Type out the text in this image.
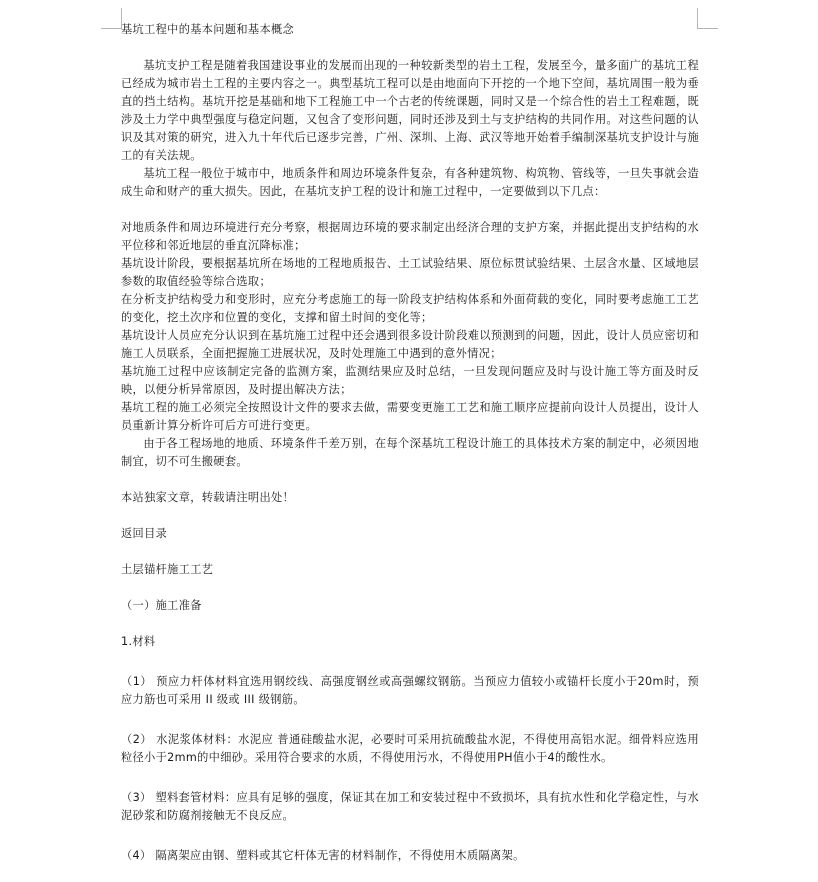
基坑工程中的基本问题和基本概念

基坑支护工程是随着我国建设事业的发展而出现的一种较新类型的岩土工程，发展至今，量多面广的基坑工程已经成为城市岩土工程的主要内容之一。典型基坑工程可以是由地面向下开挖的一个地下空间，基坑周围一般为垂直的挡土结构。基坑开挖是基础和地下工程施工中一个古老的传统课题，同时又是一个综合性的岩土工程难题，既涉及土力学中典型强度与稳定问题，又包含了变形问题，同时还涉及到土与支护结构的共同作用。对这些问题的认识及其对策的研究，进入九十年代后已逐步完善，广州、深圳、上海、武汉等地开始着手编制深基坑支护设计与施工的有关法规。

基坑工程一般位于城市中，地质条件和周边环境条件复杂，有各种建筑物、构筑物、管线等，一旦失事就会造成生命和财产的重大损失。因此，在基坑支护工程的设计和施工过程中，一定要做到以下几点：

对地质条件和周边环境进行充分考察，根据周边环境的要求制定出经济合理的支护方案，并据此提出支护结构的水平位移和邻近地层的垂直沉降标准；

基坑设计阶段，要根据基坑所在场地的工程地质报告、土工试验结果、原位标贯试验结果、土层含水量、区域地层参数的取值经验等综合选取；

在分析支护结构受力和变形时，应充分考虑施工的每一阶段支护结构体系和外面荷载的变化，同时要考虑施工工艺的变化，挖土次序和位置的变化，支撑和留土时间的变化等；

基坑设计人员应充分认识到在基坑施工过程中还会遇到很多设计阶段难以预测到的问题，因此，设计人员应密切和施工人员联系，全面把握施工进展状况，及时处理施工中遇到的意外情况；

基坑施工过程中应该制定完备的监测方案，监测结果应及时总结，一旦发现问题应及时与设计施工等方面及时反映，以便分析异常原因，及时提出解决方法；

基坑工程的施工必须完全按照设计文件的要求去做，需要变更施工工艺和施工顺序应提前向设计人员提出，设计人员重新计算分析许可后方可进行变更。

由于各工程场地的地质、环境条件千差万别，在每个深基坑工程设计施工的具体技术方案的制定中，必须因地制宜，切不可生搬硬套。

本站独家文章，转载请注明出处！

返回目录

土层锚杆施工工艺

（一）施工准备

1.材料

（1） 预应力杆体材料宜选用钢绞线、高强度钢丝或高强螺纹钢筋。当预应力值较小或锚杆长度小于20m时，预应力筋也可采用 II 级或 III 级钢筋。

（2） 水泥浆体材料：水泥应 普通硅酸盐水泥，必要时可采用抗硫酸盐水泥，不得使用高铝水泥。细骨料应选用粒径小于2mm的中细砂。采用符合要求的水质，不得使用污水，不得使用PH值小于4的酸性水。

（3） 塑料套管材料：应具有足够的强度，保证其在加工和安装过程中不致损坏，具有抗水性和化学稳定性，与水泥砂浆和防腐剂接触无不良反应。

（4） 隔离架应由钢、塑料或其它杆体无害的材料制作，不得使用木质隔离架。
